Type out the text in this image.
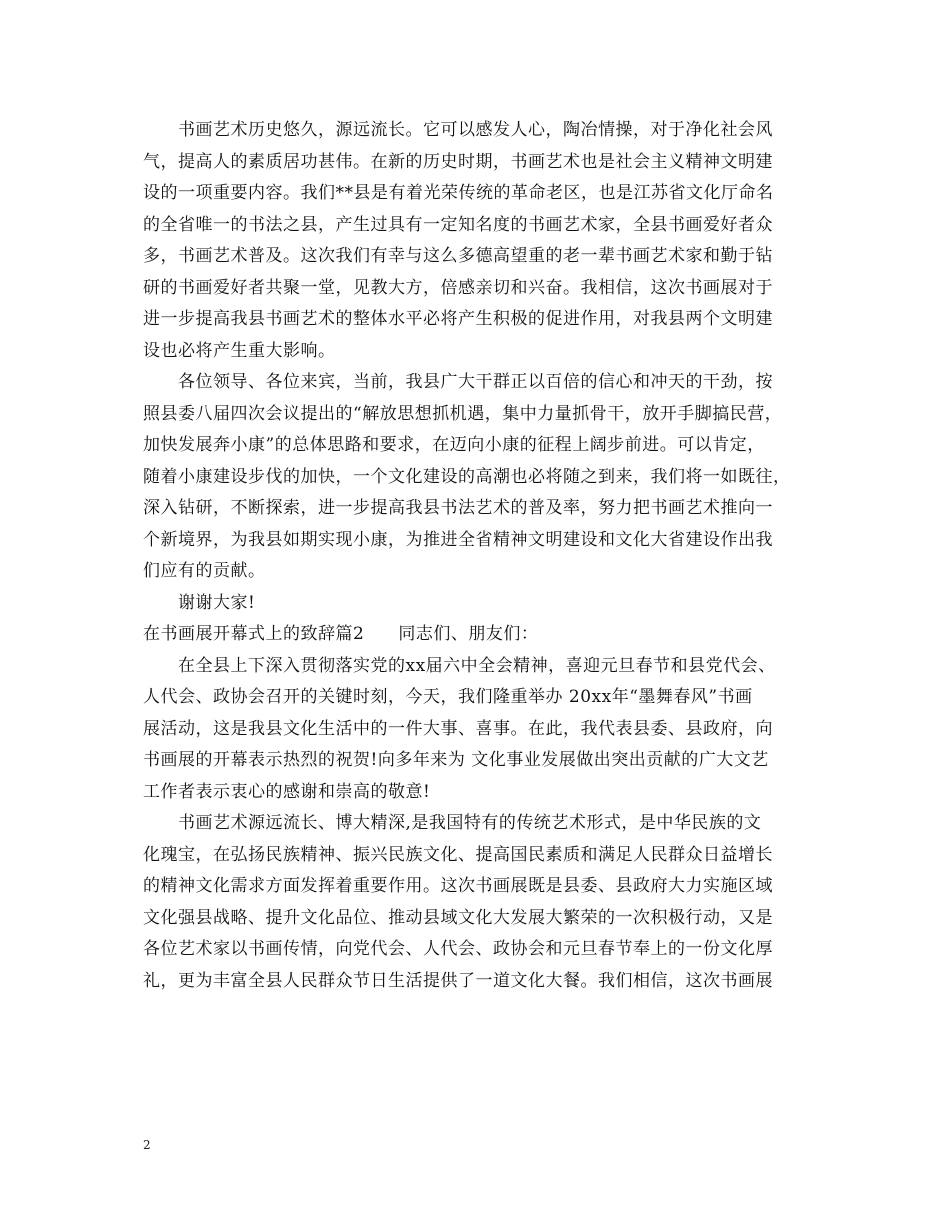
书画艺术历史悠久，源远流长。它可以感发人心，陶冶情操，对于净化社会风
气，提高人的素质居功甚伟。在新的历史时期，书画艺术也是社会主义精神文明建
设的一项重要内容。我们**县是有着光荣传统的革命老区，也是江苏省文化厅命名
的全省唯一的书法之县，产生过具有一定知名度的书画艺术家，全县书画爱好者众
多，书画艺术普及。这次我们有幸与这么多德高望重的老一辈书画艺术家和勤于钻
研的书画爱好者共聚一堂，见教大方，倍感亲切和兴奋。我相信，这次书画展对于
进一步提高我县书画艺术的整体水平必将产生积极的促进作用，对我县两个文明建
设也必将产生重大影响。
各位领导、各位来宾，当前，我县广大干群正以百倍的信心和冲天的干劲，按
照县委八届四次会议提出的“解放思想抓机遇，集中力量抓骨干，放开手脚搞民营，
加快发展奔小康”的总体思路和要求，在迈向小康的征程上阔步前进。可以肯定，
随着小康建设步伐的加快，一个文化建设的高潮也必将随之到来，我们将一如既往，
深入钻研，不断探索，进一步提高我县书法艺术的普及率，努力把书画艺术推向一
个新境界，为我县如期实现小康，为推进全省精神文明建设和文化大省建设作出我
们应有的贡献。
谢谢大家!
在书画展开幕式上的致辞篇2 同志们、朋友们：
在全县上下深入贯彻落实党的xx届六中全会精神，喜迎元旦春节和县党代会、
人代会、政协会召开的关键时刻，今天，我们隆重举办 20xx年“墨舞春风”书画
展活动，这是我县文化生活中的一件大事、喜事。在此，我代表县委、县政府，向
书画展的开幕表示热烈的祝贺!向多年来为 文化事业发展做出突出贡献的广大文艺
工作者表示衷心的感谢和崇高的敬意!
书画艺术源远流长、博大精深,是我国特有的传统艺术形式，是中华民族的文
化瑰宝，在弘扬民族精神、振兴民族文化、提高国民素质和满足人民群众日益增长
的精神文化需求方面发挥着重要作用。这次书画展既是县委、县政府大力实施区域
文化强县战略、提升文化品位、推动县域文化大发展大繁荣的一次积极行动，又是
各位艺术家以书画传情，向党代会、人代会、政协会和元旦春节奉上的一份文化厚
礼，更为丰富全县人民群众节日生活提供了一道文化大餐。我们相信，这次书画展
2
